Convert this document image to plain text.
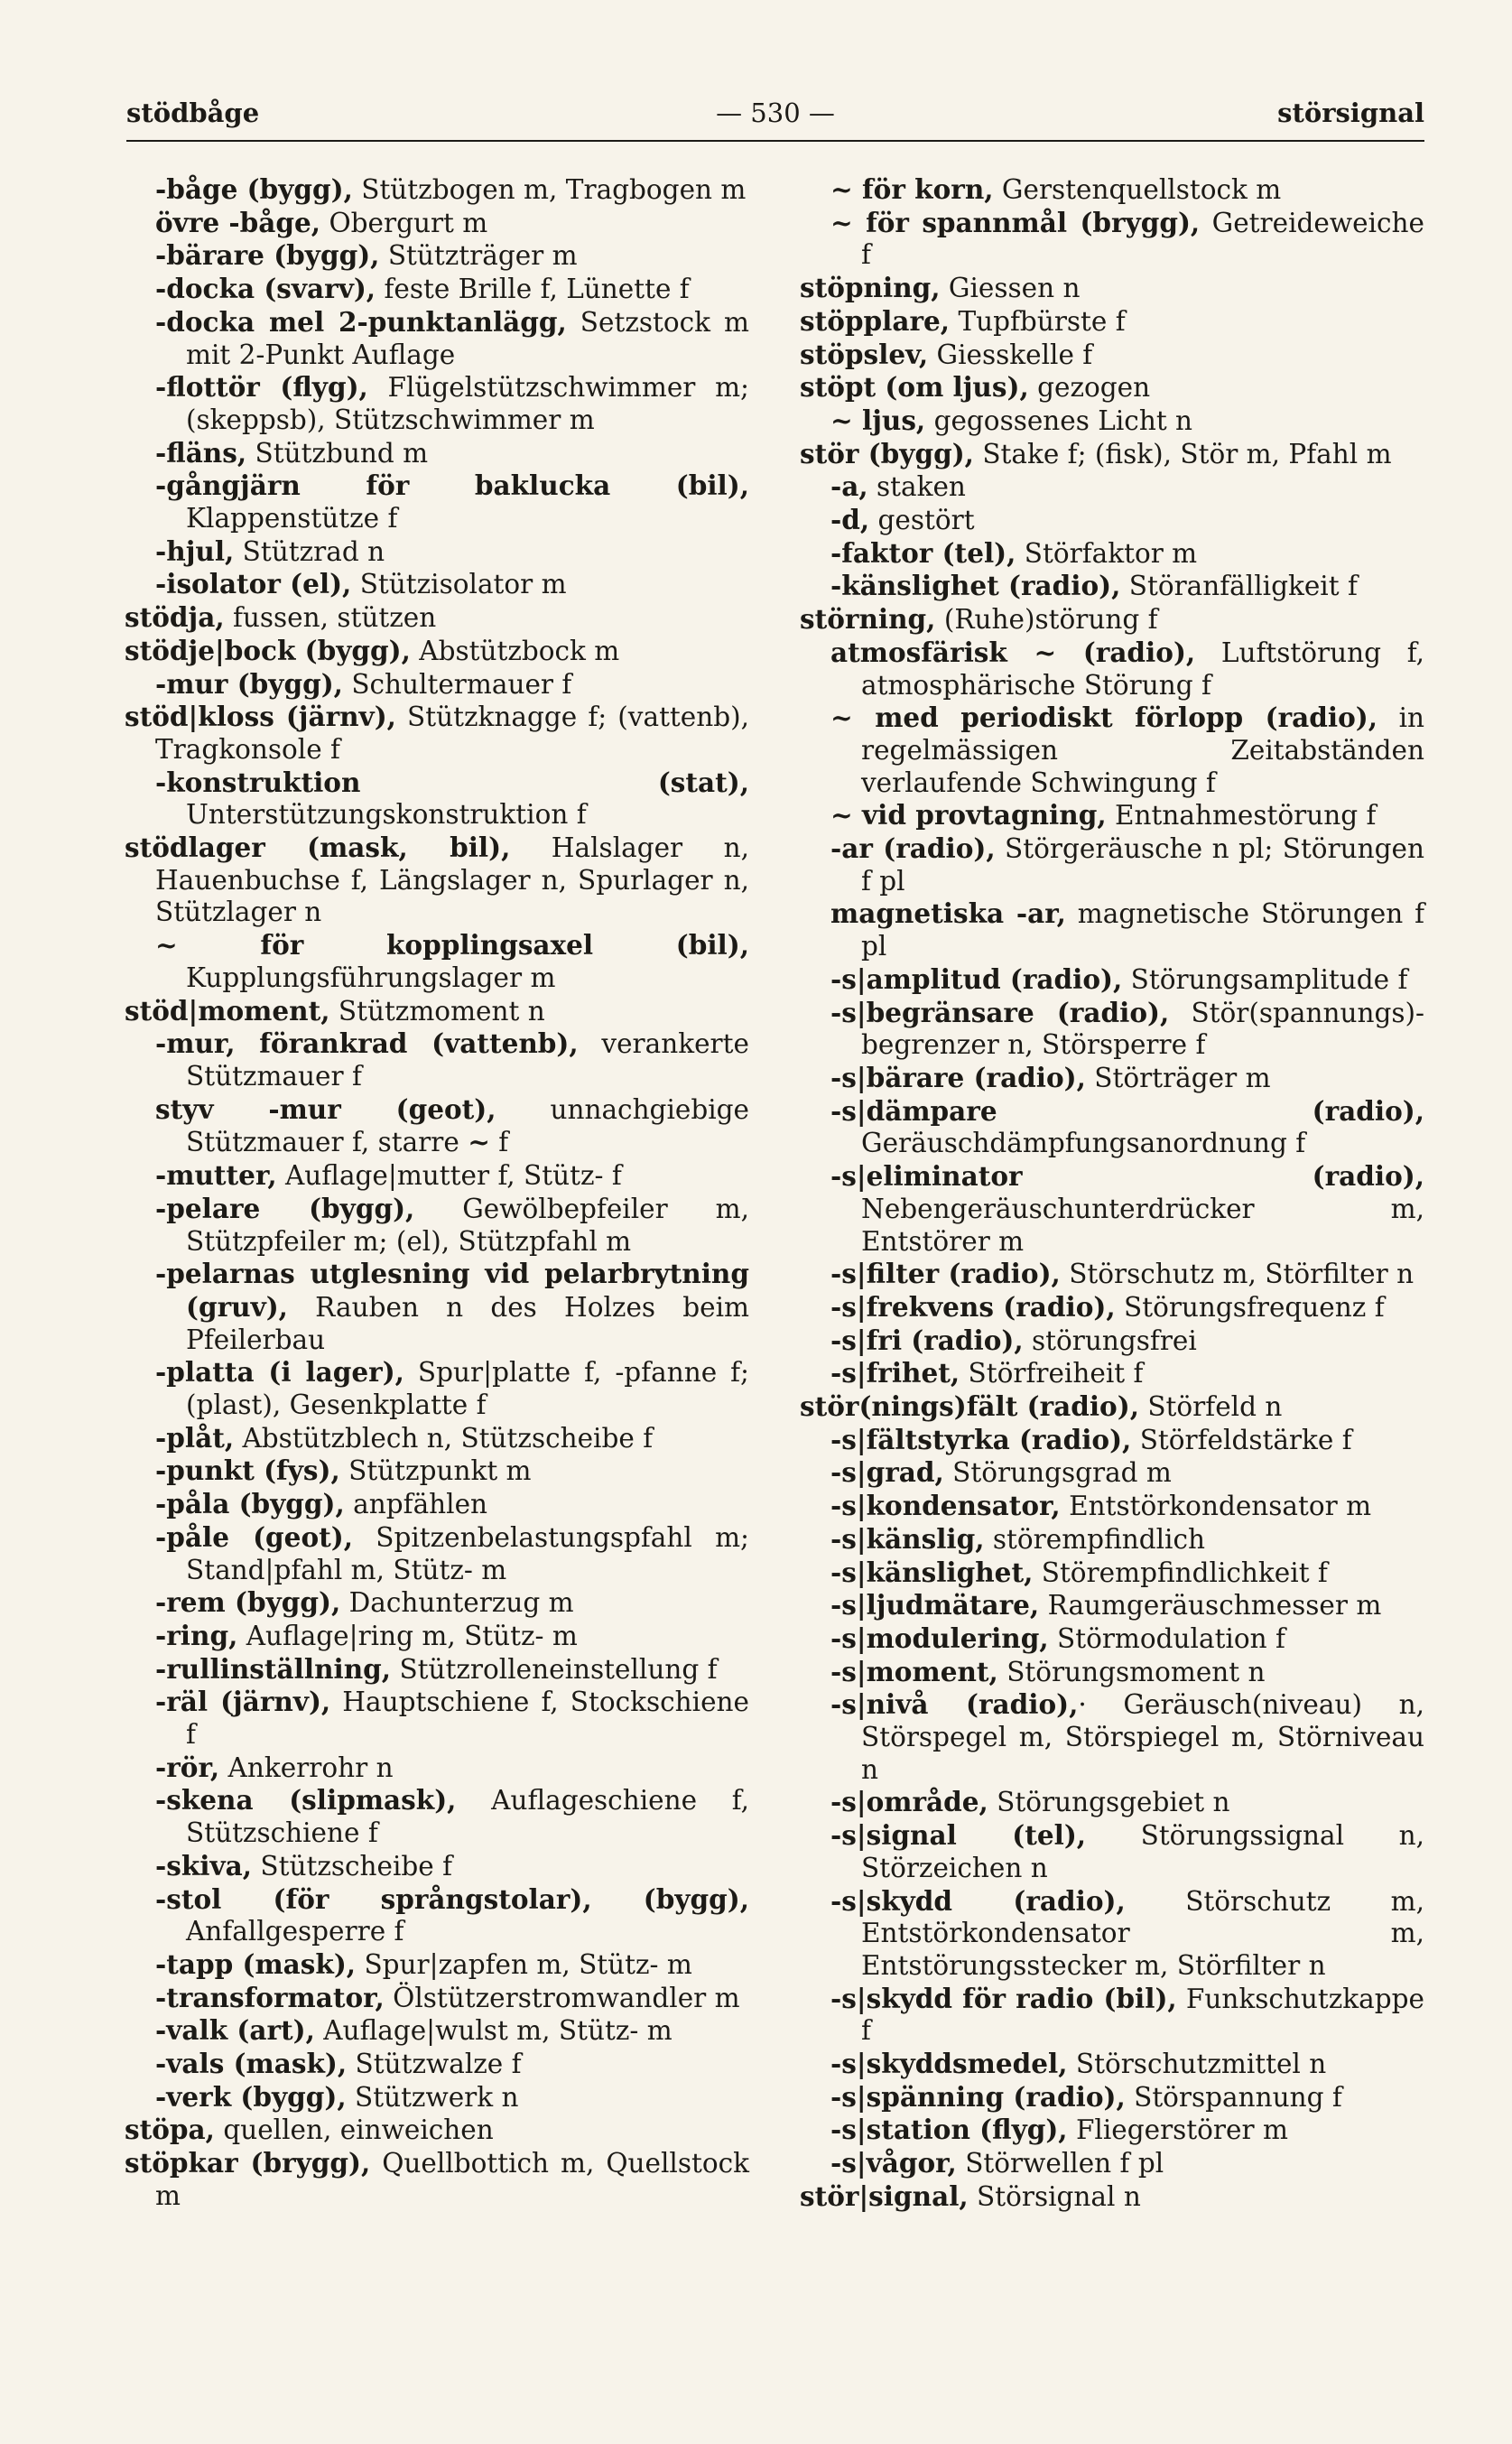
stödbåge	— 530 —	störsignal
-båge (bygg), Stützbogen m, Tragbogen m
övre -båge, Obergurt m
-bärare (bygg), Stützträger m
-docka (svarv), feste Brille f, Lünette f
-docka mel 2-punktanlägg, Setzstock m mit 2-Punkt Auflage
-flottör (flyg), Flügelstützschwimmer m; (skeppsb), Stützschwimmer m
-fläns, Stützbund m
-gångjärn för baklucka (bil), Klappenstütze f
-hjul, Stützrad n
-isolator (el), Stützisolator m
stödja, fussen, stützen
stödje|bock (bygg), Abstützbock m
-mur (bygg), Schultermauer f
stöd|kloss (järnv), Stützknagge f; (vattenb), Tragkonsole f
-konstruktion (stat), Unterstützungskonstruktion f
stödlager (mask, bil), Halslager n, Hauenbuchse f, Längslager n, Spurlager n, Stützlager n
~ för kopplingsaxel (bil), Kupplungsführungslager m
stöd|moment, Stützmoment n
-mur, förankrad (vattenb), verankerte Stützmauer f
styv -mur (geot), unnachgiebige Stützmauer f, starre ~ f
-mutter, Auflage|mutter f, Stütz- f
-pelare (bygg), Gewölbepfeiler m, Stützpfeiler m; (el), Stützpfahl m
-pelarnas utglesning vid pelarbrytning (gruv), Rauben n des Holzes beim Pfeilerbau
-platta (i lager), Spur|platte f, -pfanne f; (plast), Gesenkplatte f
-plåt, Abstützblech n, Stützscheibe f
-punkt (fys), Stützpunkt m
-påla (bygg), anpfählen
-påle (geot), Spitzenbelastungspfahl m; Stand|pfahl m, Stütz- m
-rem (bygg), Dachunterzug m
-ring, Auflage|ring m, Stütz- m
-rullinställning, Stützrolleneinstellung f
-räl (järnv), Hauptschiene f, Stockschiene f
-rör, Ankerrohr n
-skena (slipmask), Auflageschiene f, Stützschiene f
-skiva, Stützscheibe f
-stol (för språngstolar), (bygg), Anfallgesperre f
-tapp (mask), Spur|zapfen m, Stütz- m
-transformator, Ölstützerstromwandler m
-valk (art), Auflage|wulst m, Stütz- m
-vals (mask), Stützwalze f
-verk (bygg), Stützwerk n
stöpa, quellen, einweichen
stöpkar (brygg), Quellbottich m, Quellstock m
~ för korn, Gerstenquellstock m
~ för spannmål (brygg), Getreideweiche f
stöpning, Giessen n
stöpplare, Tupfbürste f
stöpslev, Giesskelle f
stöpt (om ljus), gezogen
~ ljus, gegossenes Licht n
stör (bygg), Stake f; (fisk), Stör m, Pfahl m
-a, staken
-d, gestört
-faktor (tel), Störfaktor m
-känslighet (radio), Störanfälligkeit f
störning, (Ruhe)störung f
atmosfärisk ~ (radio), Luftstörung f, atmosphärische Störung f
~ med periodiskt förlopp (radio), in regelmässigen Zeitabständen verlaufende Schwingung f
~ vid provtagning, Entnahmestörung f
-ar (radio), Störgeräusche n pl; Störungen f pl
magnetiska -ar, magnetische Störungen f pl
-s|amplitud (radio), Störungsamplitude f
-s|begränsare (radio), Stör(spannungs)-begrenzer n, Störsperre f
-s|bärare (radio), Störträger m
-s|dämpare (radio), Geräuschdämpfungsanordnung f
-s|eliminator (radio), Nebengeräuschunterdrücker m, Entstörer m
-s|filter (radio), Störschutz m, Störfilter n
-s|frekvens (radio), Störungsfrequenz f
-s|fri (radio), störungsfrei
-s|frihet, Störfreiheit f
stör(nings)fält (radio), Störfeld n
-s|fältstyrka (radio), Störfeldstärke f
-s|grad, Störungsgrad m
-s|kondensator, Entstörkondensator m
-s|känslig, störempfindlich
-s|känslighet, Störempfindlichkeit f
-s|ljudmätare, Raumgeräuschmesser m
-s|modulering, Störmodulation f
-s|moment, Störungsmoment n
-s|nivå (radio),· Geräusch(niveau) n, Störspegel m, Störspiegel m, Störniveau n
-s|område, Störungsgebiet n
-s|signal (tel), Störungssignal n, Störzeichen n
-s|skydd (radio), Störschutz m, Entstörkondensator m, Entstörungsstecker m, Störfilter n
-s|skydd för radio (bil), Funkschutzkappe f
-s|skyddsmedel, Störschutzmittel n
-s|spänning (radio), Störspannung f
-s|station (flyg), Fliegerstörer m
-s|vågor, Störwellen f pl
stör|signal, Störsignal n
